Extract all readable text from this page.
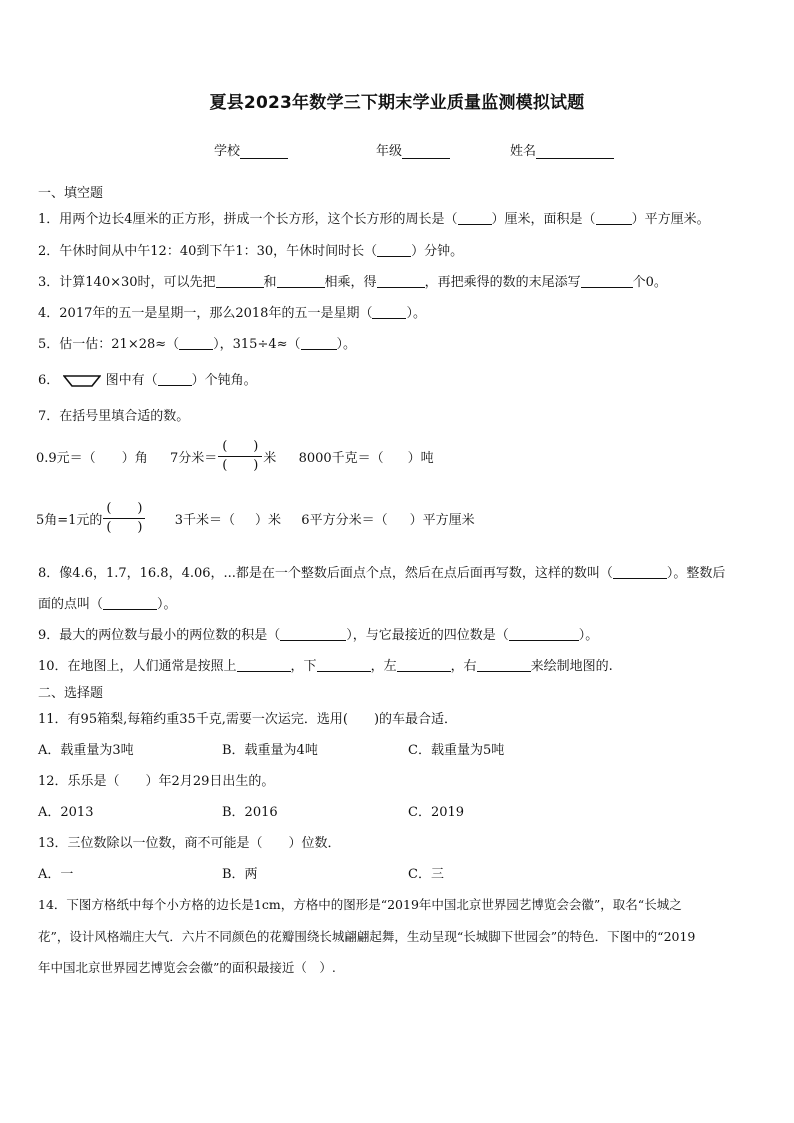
夏县2023年数学三下期末学业质量监测模拟试题
学校	年级	姓名
一、填空题
1．用两个边长4厘米的正方形，拼成一个长方形，这个长方形的周长是（	）厘米，面积是（	）平方厘米。
2．午休时间从中午12：40到下午1：30，午休时间时长（	）分钟。
3．计算140×30时，可以先把	和	相乘，得	，再把乘得的数的末尾添写	个0。
4．2017年的五一是星期一，那么2018年的五一是星期（	）。
5．估一估：21×28≈（	），315÷4≈（	）。
6．	图中有（	）个钝角。
7．在括号里填合适的数。
0.9元＝（ ）角 7分米＝ $\frac{( )}{( )}$ 米 8000千克＝（ ）吨
5角=1元的 $\frac{( )}{( )} 3$千米＝（ ）米 6平方分米＝（ ）平方厘米
8．像4.6，1.7，16.8，4.06，...都是在一个整数后面点个点，然后在点后面再写数，这样的数叫（	）。整数后
面的点叫（	）。
9．最大的两位数与最小的两位数的积是（	），与它最接近的四位数是（	）。
10．在地图上，人们通常是按照上	，下	，左	，右	来绘制地图的.
二、选择题
11．有95箱梨,每箱约重35千克,需要一次运完．选用(　　)的车最合适．
A．载重量为3吨	B．载重量为4吨	C．载重量为5吨
12．乐乐是（　　）年2月29日出生的。
A．2013	B．2016	C．2019
13．三位数除以一位数，商不可能是（　　）位数．
A．一	B．两	C．三
14．下图方格纸中每个小方格的边长是1cm，方格中的图形是“2019年中国北京世界园艺博览会会徽”，取名“长城之
花”，设计风格端庄大气．六片不同颜色的花瓣围绕长城翩翩起舞，生动呈现“长城脚下世园会”的特色．下图中的“2019
年中国北京世界园艺博览会会徽”的面积最接近（　）.
